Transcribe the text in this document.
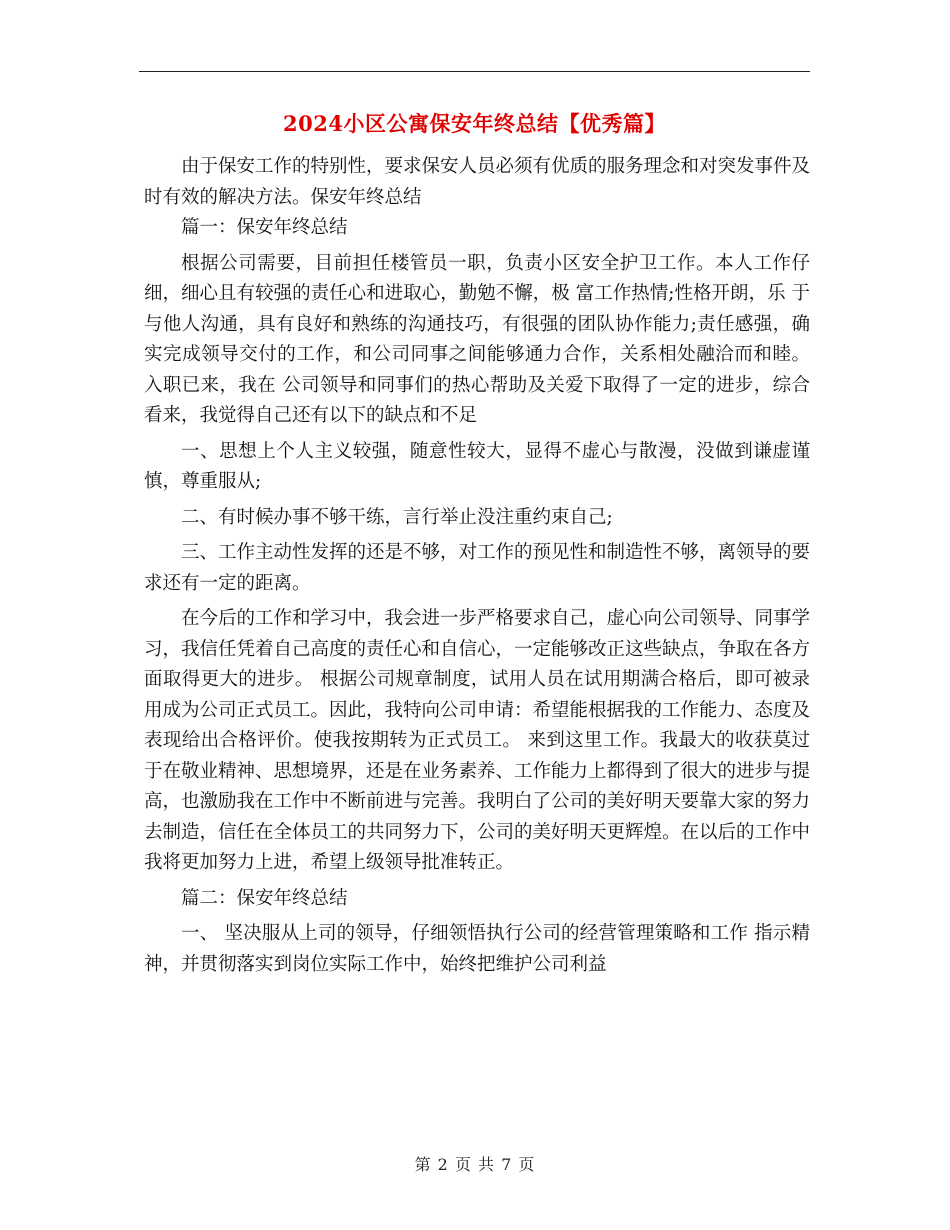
2024小区公寓保安年终总结【优秀篇】

由于保安工作的特别性，要求保安人员必须有优质的服务理念和对突发事件及时有效的解决方法。保安年终总结

篇一：保安年终总结

根据公司需要，目前担任楼管员一职，负责小区安全护卫工作。本人工作仔细，细心且有较强的责任心和进取心，勤勉不懈，极 富工作热情;性格开朗，乐 于与他人沟通，具有良好和熟练的沟通技巧，有很强的团队协作能力;责任感强，确实完成领导交付的工作，和公司同事之间能够通力合作，关系相处融洽而和睦。 入职已来，我在 公司领导和同事们的热心帮助及关爱下取得了一定的进步，综合看来，我觉得自己还有以下的缺点和不足

一、思想上个人主义较强，随意性较大，显得不虚心与散漫，没做到谦虚谨慎，尊重服从;

二、有时候办事不够干练，言行举止没注重约束自己;

三、工作主动性发挥的还是不够，对工作的预见性和制造性不够，离领导的要求还有一定的距离。

在今后的工作和学习中，我会进一步严格要求自己，虚心向公司领导、同事学习，我信任凭着自己高度的责任心和自信心，一定能够改正这些缺点，争取在各方面取得更大的进步。 根据公司规章制度，试用人员在试用期满合格后，即可被录用成为公司正式员工。因此，我特向公司申请：希望能根据我的工作能力、态度及表现给出合格评价。使我按期转为正式员工。 来到这里工作。我最大的收获莫过于在敬业精神、思想境界，还是在业务素养、工作能力上都得到了很大的进步与提高，也激励我在工作中不断前进与完善。我明白了公司的美好明天要靠大家的努力去制造，信任在全体员工的共同努力下，公司的美好明天更辉煌。在以后的工作中我将更加努力上进，希望上级领导批准转正。

篇二：保安年终总结

一、 坚决服从上司的领导，仔细领悟执行公司的经营管理策略和工作 指示精神，并贯彻落实到岗位实际工作中，始终把维护公司利益

第 2 页 共 7 页
